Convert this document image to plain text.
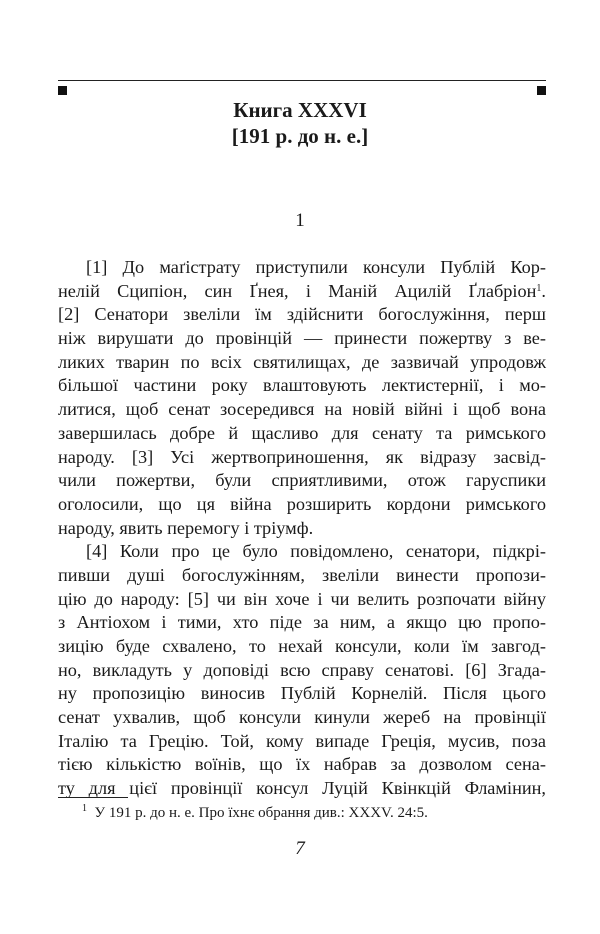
Книга XXXVI
[191 р. до н. е.]
1
[1] До маґістрату приступили консули Публій Кор-
нелій Сципіон, син Ґнея, і Маній Ацилій Ґлабріон$^1$.
[2] Сенатори звеліли їм здійснити богослужіння, перш
ніж вирушати до провінцій — принести пожертву з ве-
ликих тварин по всіх святилищах, де зазвичай упродовж
більшої частини року влаштовують лектистернії, і мо-
литися, щоб сенат зосередився на новій війні і щоб вона
завершилась добре й щасливо для сенату та римського
народу. [3] Усі жертвоприношення, як відразу засвід-
чили пожертви, були сприятливими, отож гаруспики
оголосили, що ця війна розширить кордони римського
народу, явить перемогу і тріумф.
[4] Коли про це було повідомлено, сенатори, підкрі-
пивши душі богослужінням, звеліли винести пропози-
цію до народу: [5] чи він хоче і чи велить розпочати війну
з Антіохом і тими, хто піде за ним, а якщо цю пропо-
зицію буде схвалено, то нехай консули, коли їм завгод-
но, викладуть у доповіді всю справу сенатові. [6] Згада-
ну пропозицію виносив Публій Корнелій. Після цього
сенат ухвалив, щоб консули кинули жереб на провінції
Італію та Грецію. Той, кому випаде Греція, мусив, поза
тією кількістю воїнів, що їх набрав за дозволом сена-
ту для цієї провінції консул Луцій Квінкцій Фламінин,
$^1$ У 191 р. до н. е. Про їхнє обрання див.: XXXV. 24:5.
7
